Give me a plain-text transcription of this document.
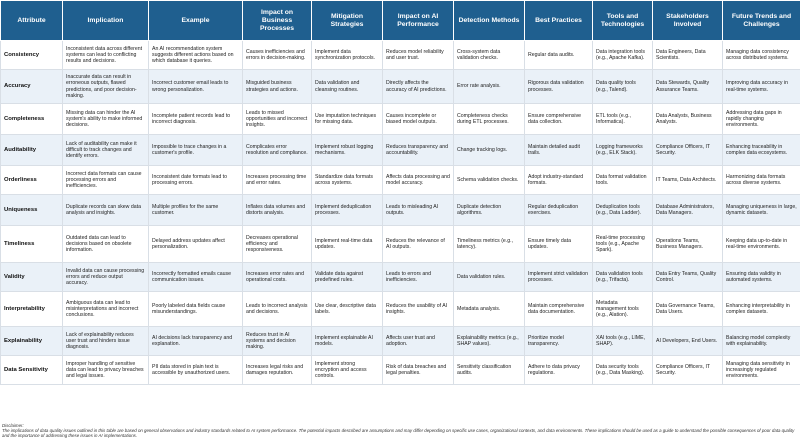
Attribute	Implication	Example	Impact on Business Processes	Mitigation Strategies	Impact on AI Performance	Detection Methods	Best Practices	Tools and Technologies	Stakeholders Involved	Future Trends and Challenges
Consistency	Inconsistent data across different systems can lead to conflicting results and decisions.	An AI recommendation system suggests different actions based on which database it queries.	Causes inefficiencies and errors in decision-making.	Implement data synchronization protocols.	Reduces model reliability and user trust.	Cross-system data validation checks.	Regular data audits.	Data integration tools (e.g., Apache Kafka).	Data Engineers, Data Scientists.	Managing data consistency across distributed systems.
Accuracy	Inaccurate data can result in erroneous outputs, flawed predictions, and poor decision-making.	Incorrect customer email leads to wrong personalization.	Misguided business strategies and actions.	Data validation and cleansing routines.	Directly affects the accuracy of AI predictions.	Error rate analysis.	Rigorous data validation processes.	Data quality tools (e.g., Talend).	Data Stewards, Quality Assurance Teams.	Improving data accuracy in real-time systems.
Completeness	Missing data can hinder the AI system's ability to make informed decisions.	Incomplete patient records lead to incorrect diagnosis.	Leads to missed opportunities and incorrect insights.	Use imputation techniques for missing data.	Causes incomplete or biased model outputs.	Completeness checks during ETL processes.	Ensure comprehensive data collection.	ETL tools (e.g., Informatica).	Data Analysts, Business Analysts.	Addressing data gaps in rapidly changing environments.
Auditability	Lack of auditability can make it difficult to track changes and identify errors.	Impossible to trace changes in a customer's profile.	Complicates error resolution and compliance.	Implement robust logging mechanisms.	Reduces transparency and accountability.	Change tracking logs.	Maintain detailed audit trails.	Logging frameworks (e.g., ELK Stack).	Compliance Officers, IT Security.	Enhancing traceability in complex data ecosystems.
Orderliness	Incorrect data formats can cause processing errors and inefficiencies.	Inconsistent date formats lead to processing errors.	Increases processing time and error rates.	Standardize data formats across systems.	Affects data processing and model accuracy.	Schema validation checks.	Adopt industry-standard formats.	Data format validation tools.	IT Teams, Data Architects.	Harmonizing data formats across diverse systems.
Uniqueness	Duplicate records can skew data analysis and insights.	Multiple profiles for the same customer.	Inflates data volumes and distorts analysis.	Implement deduplication processes.	Leads to misleading AI outputs.	Duplicate detection algorithms.	Regular deduplication exercises.	Deduplication tools (e.g., Data Ladder).	Database Administrators, Data Managers.	Managing uniqueness in large, dynamic datasets.
Timeliness	Outdated data can lead to decisions based on obsolete information.	Delayed address updates affect personalization.	Decreases operational efficiency and responsiveness.	Implement real-time data updates.	Reduces the relevance of AI outputs.	Timeliness metrics (e.g., latency).	Ensure timely data updates.	Real-time processing tools (e.g., Apache Spark).	Operations Teams, Business Managers.	Keeping data up-to-date in real-time environments.
Validity	Invalid data can cause processing errors and reduce output accuracy.	Incorrectly formatted emails cause communication issues.	Increases error rates and operational costs.	Validate data against predefined rules.	Leads to errors and inefficiencies.	Data validation rules.	Implement strict validation processes.	Data validation tools (e.g., Trifacta).	Data Entry Teams, Quality Control.	Ensuring data validity in automated systems.
Interpretability	Ambiguous data can lead to misinterpretations and incorrect conclusions.	Poorly labeled data fields cause misunderstandings.	Leads to incorrect analysis and decisions.	Use clear, descriptive data labels.	Reduces the usability of AI insights.	Metadata analysis.	Maintain comprehensive data documentation.	Metadata management tools (e.g., Alation).	Data Governance Teams, Data Users.	Enhancing interpretability in complex datasets.
Explainability	Lack of explainability reduces user trust and hinders issue diagnosis.	AI decisions lack transparency and explanation.	Reduces trust in AI systems and decision making.	Implement explainable AI models.	Affects user trust and adoption.	Explainability metrics (e.g., SHAP values).	Prioritize model transparency.	XAI tools (e.g., LIME, SHAP).	AI Developers, End Users.	Balancing model complexity with explainability.
Data Sensitivity	Improper handling of sensitive data can lead to privacy breaches and legal issues.	PII data stored in plain text is accessible by unauthorized users.	Increases legal risks and damages reputation.	Implement strong encryption and access controls.	Risk of data breaches and legal penalties.	Sensitivity classification audits.	Adhere to data privacy regulations.	Data security tools (e.g., Data Masking).	Compliance Officers, IT Security.	Managing data sensitivity in increasingly regulated environments.
Disclaimer:
The implications of data quality issues outlined in this table are based on general observations and industry standards related to AI system performance. The potential impacts described are assumptions and may differ depending on specific use cases, organizational contexts, and data environments. These implications should be used as a guide to understand the possible consequences of poor data quality and the importance of addressing these issues in AI implementations.
